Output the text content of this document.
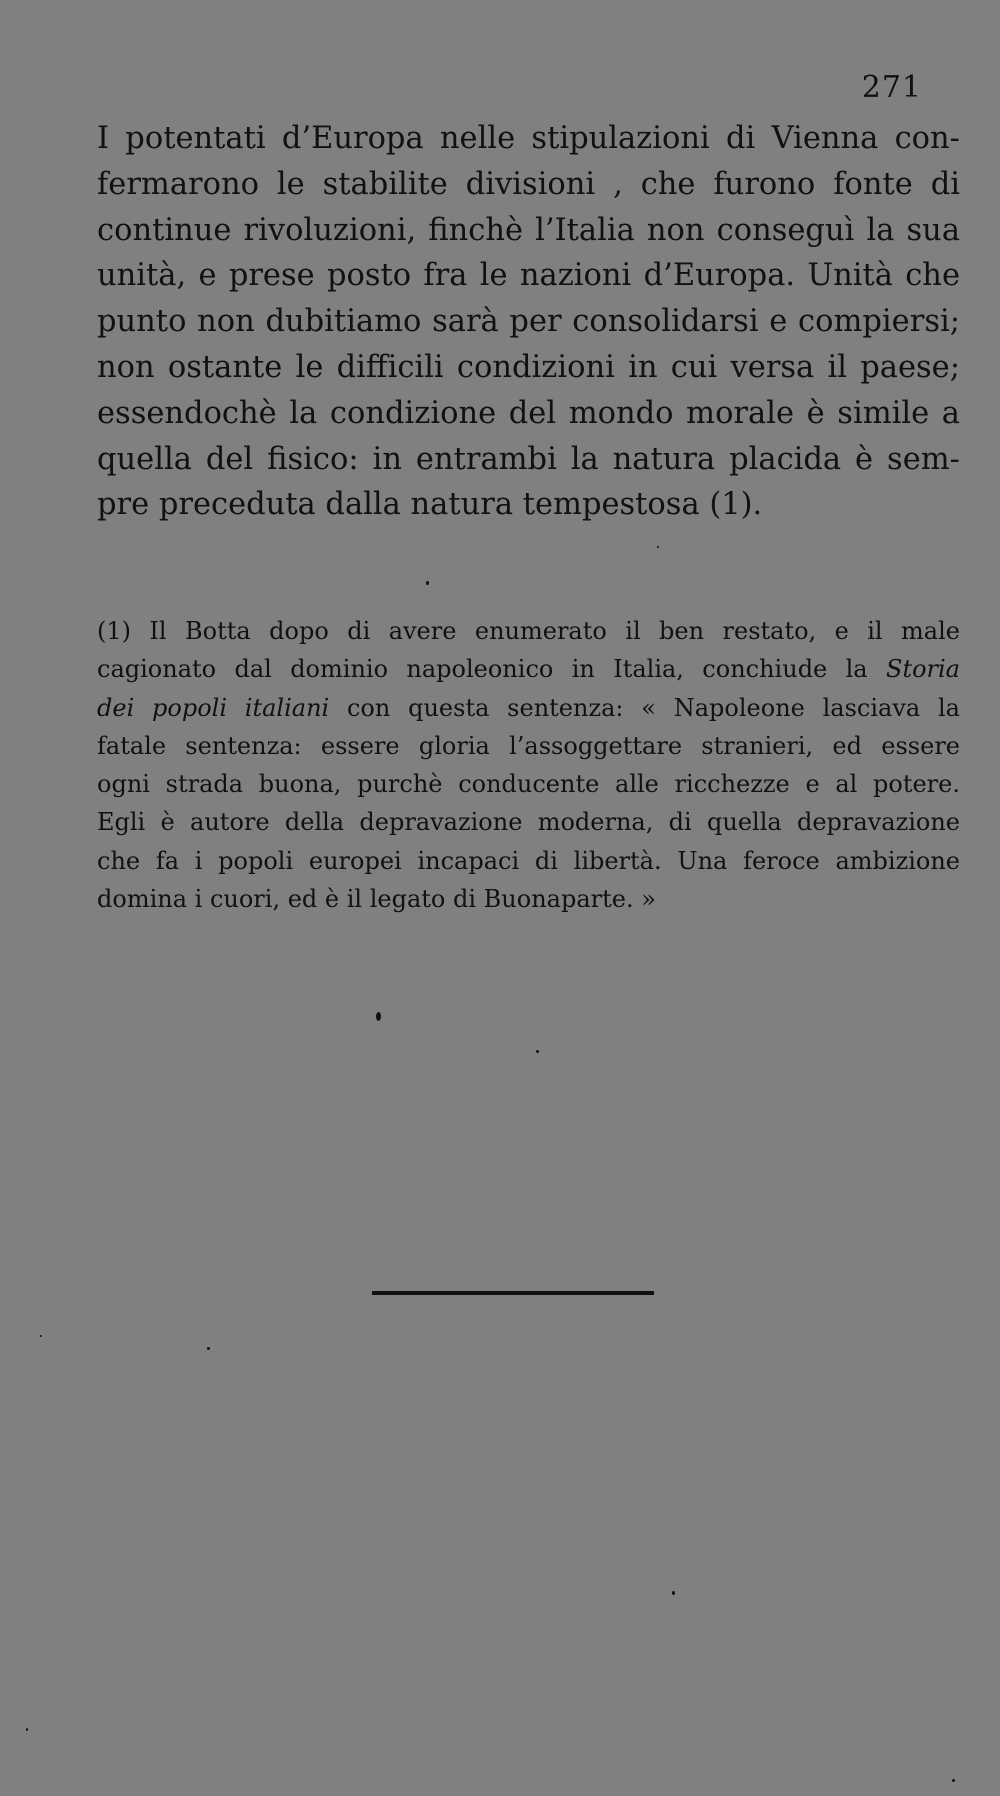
271
I potentati d’Europa nelle stipulazioni di Vienna con-
fermarono le stabilite divisioni , che furono fonte di
continue rivoluzioni, finchè l’Italia non conseguì la sua
unità, e prese posto fra le nazioni d’Europa. Unità che
punto non dubitiamo sarà per consolidarsi e compiersi;
non ostante le difficili condizioni in cui versa il paese;
essendochè la condizione del mondo morale è simile a
quella del fisico: in entrambi la natura placida è sem-
pre preceduta dalla natura tempestosa (1).
(1) Il Botta dopo di avere enumerato il ben restato, e il male
cagionato dal dominio napoleonico in Italia, conchiude la Storia
dei popoli italiani con questa sentenza: « Napoleone lasciava la
fatale sentenza: essere gloria l’assoggettare stranieri, ed essere
ogni strada buona, purchè conducente alle ricchezze e al potere.
Egli è autore della depravazione moderna, di quella depravazione
che fa i popoli europei incapaci di libertà. Una feroce ambizione
domina i cuori, ed è il legato di Buonaparte. »
